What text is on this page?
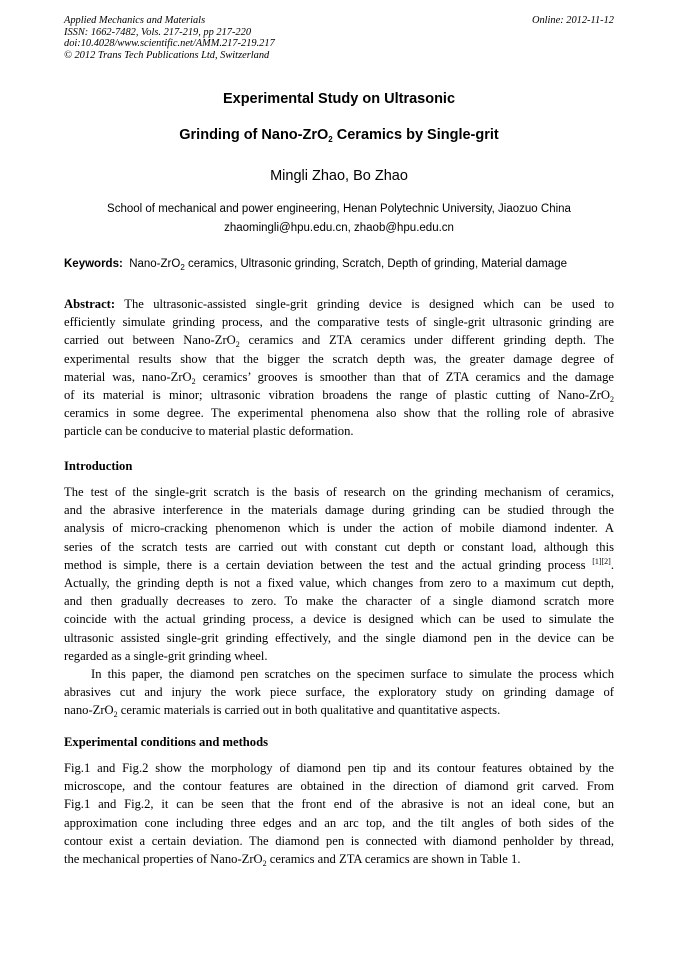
Applied Mechanics and Materials
ISSN: 1662-7482, Vols. 217-219, pp 217-220
doi:10.4028/www.scientific.net/AMM.217-219.217
© 2012 Trans Tech Publications Ltd, Switzerland
Online: 2012-11-12
Experimental Study on Ultrasonic
Grinding of Nano-ZrO$_2$ Ceramics by Single-grit
Mingli Zhao, Bo Zhao
School of mechanical and power engineering, Henan Polytechnic University, Jiaozuo China
zhaomingli@hpu.edu.cn, zhaob@hpu.edu.cn
Keywords: Nano-ZrO$_2$ ceramics, Ultrasonic grinding, Scratch, Depth of grinding, Material damage
Abstract: The ultrasonic-assisted single-grit grinding device is designed which can be used to
efficiently simulate grinding process, and the comparative tests of single-grit ultrasonic grinding are
carried out between Nano-ZrO$_2$ ceramics and ZTA ceramics under different grinding depth. The
experimental results show that the bigger the scratch depth was, the greater damage degree of
material was, nano-ZrO$_2$ ceramics’ grooves is smoother than that of ZTA ceramics and the damage
of its material is minor; ultrasonic vibration broadens the range of plastic cutting of Nano-ZrO$_2$
ceramics in some degree. The experimental phenomena also show that the rolling role of abrasive
particle can be conducive to material plastic deformation.
Introduction
The test of the single-grit scratch is the basis of research on the grinding mechanism of ceramics,
and the abrasive interference in the materials damage during grinding can be studied through the
analysis of micro-cracking phenomenon which is under the action of mobile diamond indenter. A
series of the scratch tests are carried out with constant cut depth or constant load, although this
method is simple, there is a certain deviation between the test and the actual grinding process [1][2].
Actually, the grinding depth is not a fixed value, which changes from zero to a maximum cut depth,
and then gradually decreases to zero. To make the character of a single diamond scratch more
coincide with the actual grinding process, a device is designed which can be used to simulate the
ultrasonic assisted single-grit grinding effectively, and the single diamond pen in the device can be
regarded as a single-grit grinding wheel.
In this paper, the diamond pen scratches on the specimen surface to simulate the process which
abrasives cut and injury the work piece surface, the exploratory study on grinding damage of
nano-ZrO$_2$ ceramic materials is carried out in both qualitative and quantitative aspects.
Experimental conditions and methods
Fig.1 and Fig.2 show the morphology of diamond pen tip and its contour features obtained by the
microscope, and the contour features are obtained in the direction of diamond grit carved. From
Fig.1 and Fig.2, it can be seen that the front end of the abrasive is not an ideal cone, but an
approximation cone including three edges and an arc top, and the tilt angles of both sides of the
contour exist a certain deviation. The diamond pen is connected with diamond penholder by thread,
the mechanical properties of Nano-ZrO$_2$ ceramics and ZTA ceramics are shown in Table 1.
